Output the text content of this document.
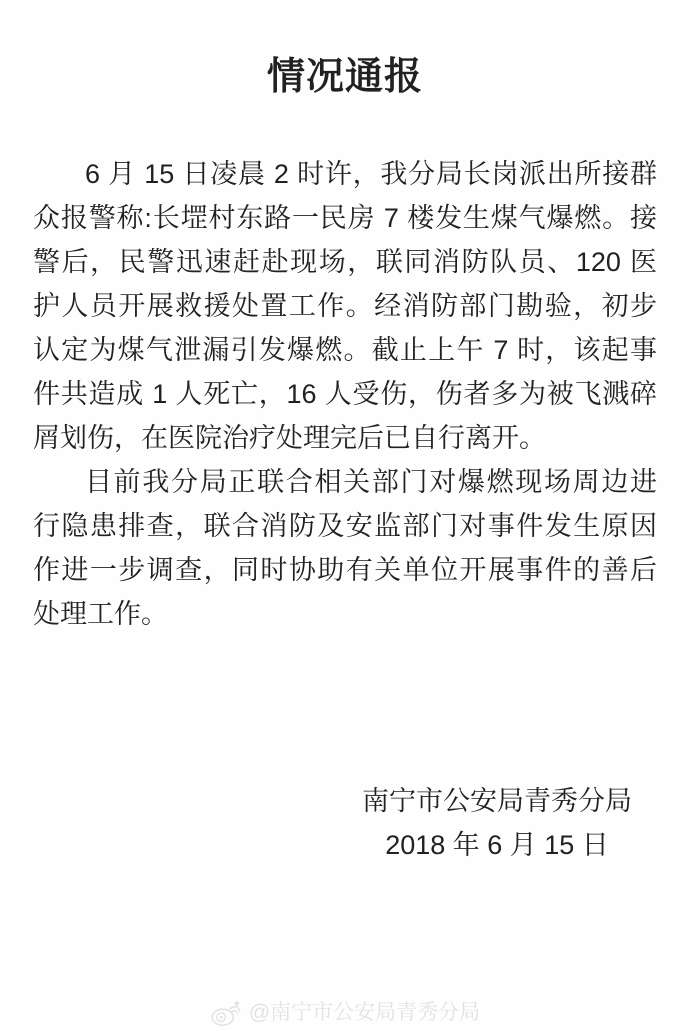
情况通报
6 月 15 日凌晨 2 时许，我分局长岗派出所接群
众报警称:长堽村东路一民房 7 楼发生煤气爆燃。接
警后，民警迅速赶赴现场，联同消防队员、120 医
护人员开展救援处置工作。经消防部门勘验，初步
认定为煤气泄漏引发爆燃。截止上午 7 时，该起事
件共造成 1 人死亡，16 人受伤，伤者多为被飞溅碎
屑划伤，在医院治疗处理完后已自行离开。
目前我分局正联合相关部门对爆燃现场周边进
行隐患排查，联合消防及安监部门对事件发生原因
作进一步调查，同时协助有关单位开展事件的善后
处理工作。
南宁市公安局青秀分局
2018 年 6 月 15 日
@南宁市公安局青秀分局
